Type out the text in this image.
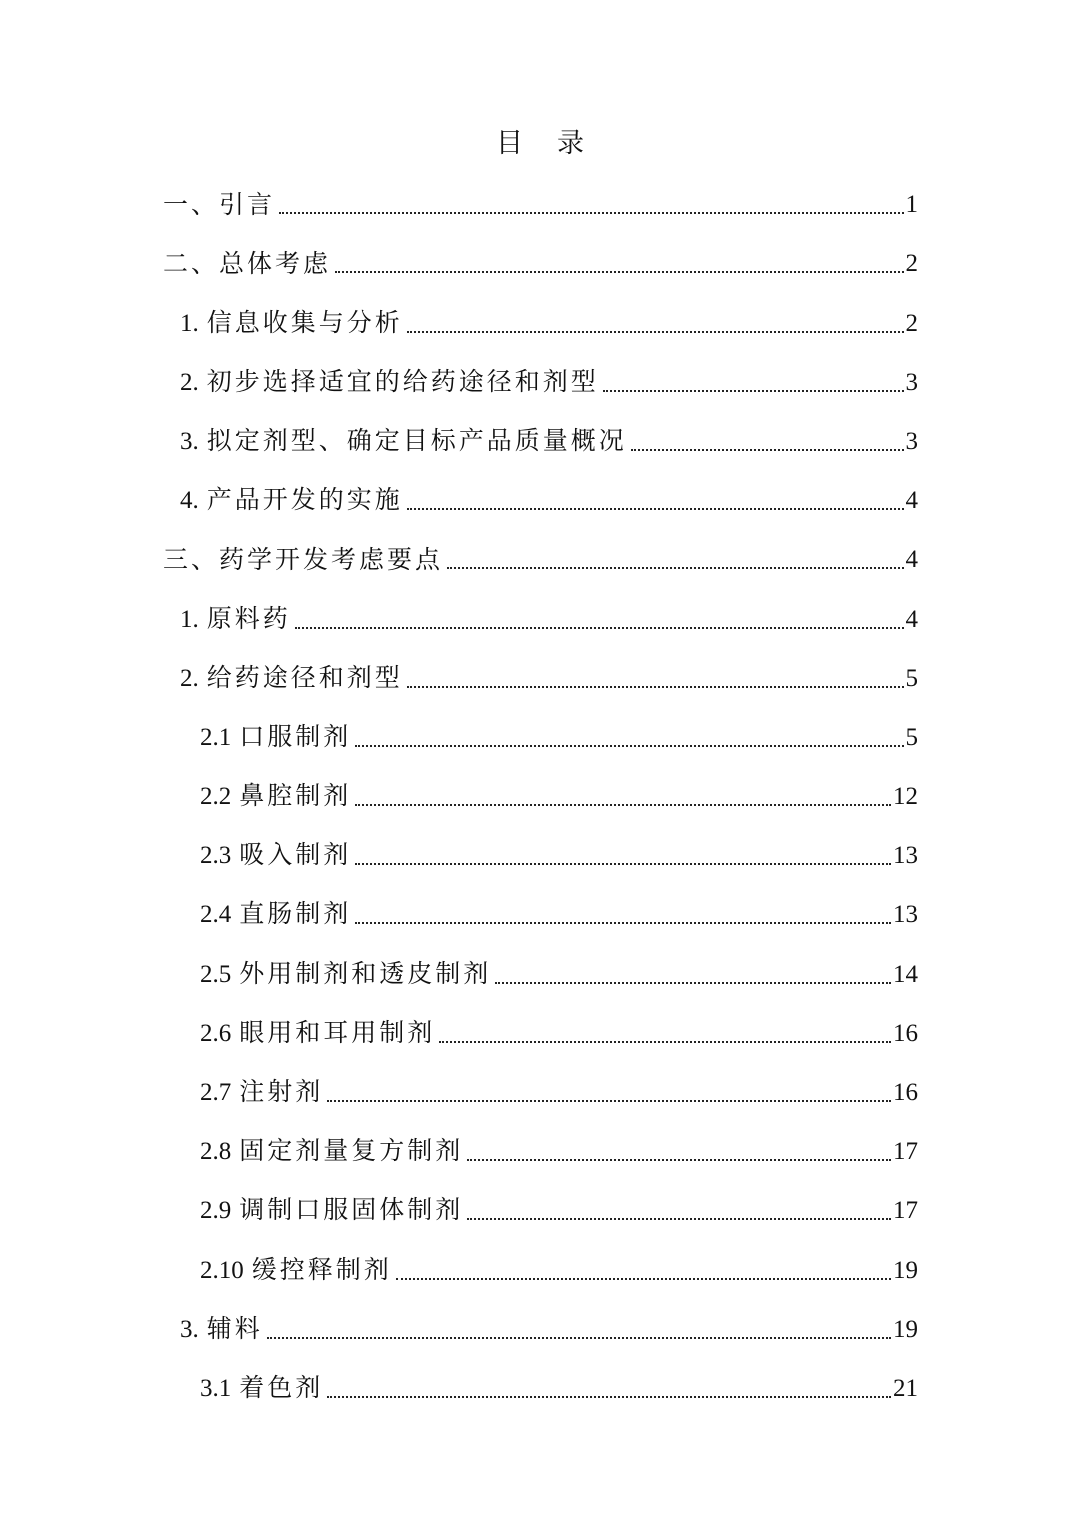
目 录
一、引言	1
二、总体考虑	2
1. 信息收集与分析	2
2. 初步选择适宜的给药途径和剂型	3
3. 拟定剂型、确定目标产品质量概况	3
4. 产品开发的实施	4
三、药学开发考虑要点	4
1. 原料药	4
2. 给药途径和剂型	5
2.1 口服制剂	5
2.2 鼻腔制剂	12
2.3 吸入制剂	13
2.4 直肠制剂	13
2.5 外用制剂和透皮制剂	14
2.6 眼用和耳用制剂	16
2.7 注射剂	16
2.8 固定剂量复方制剂	17
2.9 调制口服固体制剂	17
2.10 缓控释制剂	19
3. 辅料	19
3.1 着色剂	21
